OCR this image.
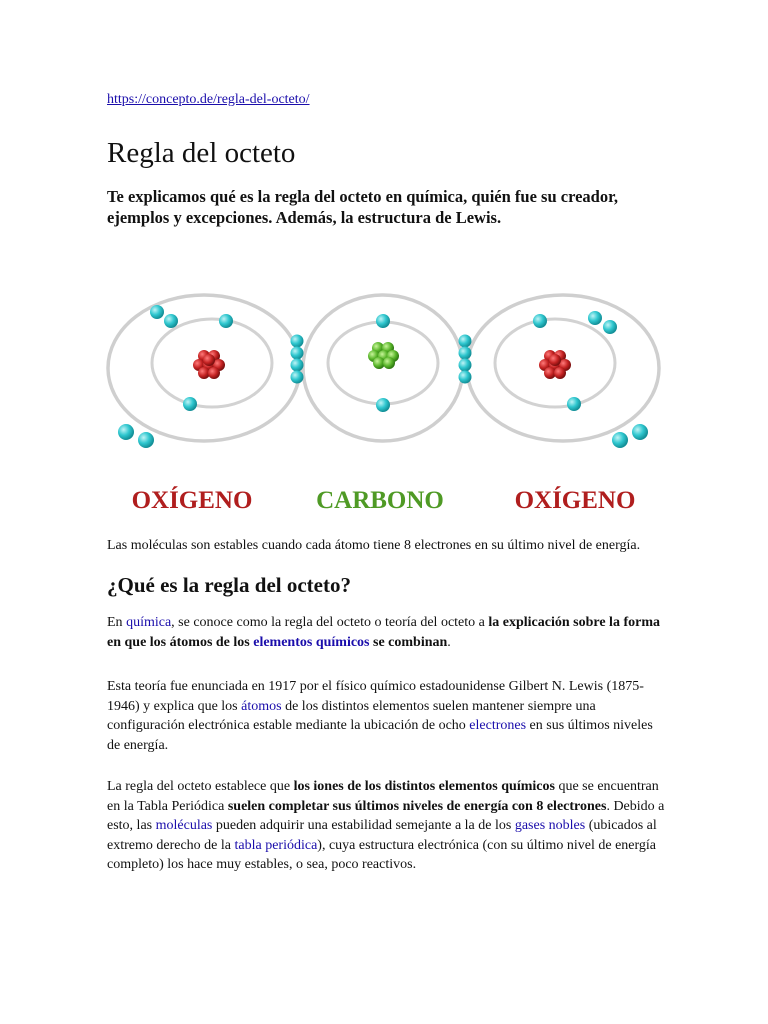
https://concepto.de/regla-del-octeto/
Regla del octeto

Te explicamos qué es la regla del octeto en química, quién fue su creador, ejemplos y excepciones. Además, la estructura de Lewis.

OXÍGENO	CARBONO	OXÍGENO

Las moléculas son estables cuando cada átomo tiene 8 electrones en su último nivel de energía.

¿Qué es la regla del octeto?

En química, se conoce como la regla del octeto o teoría del octeto a la explicación sobre la forma en que los átomos de los elementos químicos se combinan.

Esta teoría fue enunciada en 1917 por el físico químico estadounidense Gilbert N. Lewis (1875-1946) y explica que los átomos de los distintos elementos suelen mantener siempre una configuración electrónica estable mediante la ubicación de ocho electrones en sus últimos niveles de energía.

La regla del octeto establece que los iones de los distintos elementos químicos que se encuentran en la Tabla Periódica suelen completar sus últimos niveles de energía con 8 electrones. Debido a esto, las moléculas pueden adquirir una estabilidad semejante a la de los gases nobles (ubicados al extremo derecho de la tabla periódica), cuya estructura electrónica (con su último nivel de energía completo) los hace muy estables, o sea, poco reactivos.
